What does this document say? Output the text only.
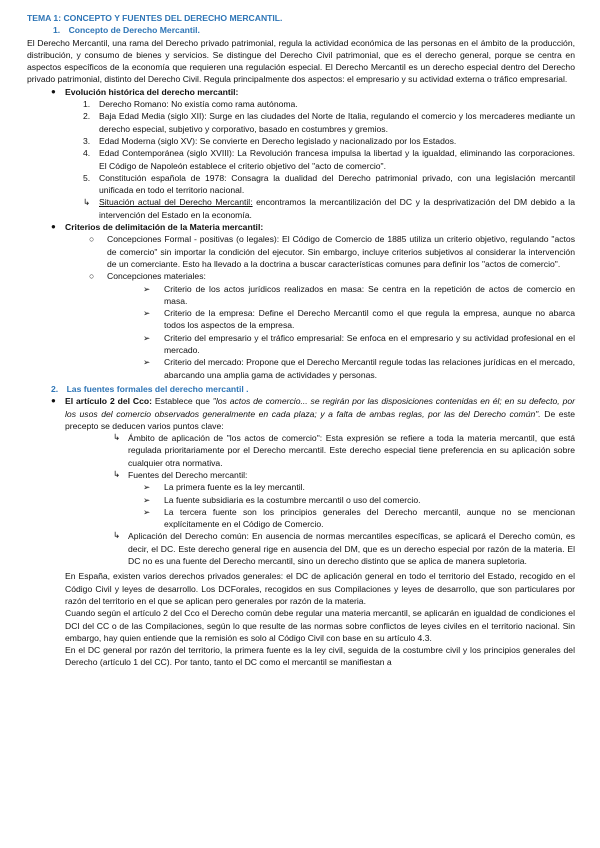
TEMA 1: CONCEPTO Y FUENTES DEL DERECHO MERCANTIL.
1. Concepto de Derecho Mercantil.

El Derecho Mercantil, una rama del Derecho privado patrimonial, regula la actividad económica de las personas en el ámbito de la producción, distribución, y consumo de bienes y servicios. Se distingue del Derecho Civil patrimonial, que es el derecho general, porque se centra en aspectos específicos de la economía que requieren una regulación especial. El Derecho Mercantil es un derecho especial dentro del Derecho privado patrimonial, distinto del Derecho Civil. Regula principalmente dos aspectos: el empresario y su actividad externa o tráfico empresarial.

● Evolución histórica del derecho mercantil:
1. Derecho Romano: No existía como rama autónoma.
2. Baja Edad Media (siglo XII): Surge en las ciudades del Norte de Italia, regulando el comercio y los mercaderes mediante un derecho especial, subjetivo y corporativo, basado en costumbres y gremios.
3. Edad Moderna (siglo XV): Se convierte en Derecho legislado y nacionalizado por los Estados.
4. Edad Contemporánea (siglo XVIII): La Revolución francesa impulsa la libertad y la igualdad, eliminando las corporaciones. El Código de Napoleón establece el criterio objetivo del "acto de comercio".
5. Constitución española de 1978: Consagra la dualidad del Derecho patrimonial privado, con una legislación mercantil unificada en todo el territorio nacional.
↳ Situación actual del Derecho Mercantil: encontramos la mercantilización del DC y la desprivatización del DM debido a la intervención del Estado en la economía.
● Criterios de delimitación de la Materia mercantil:
○ Concepciones Formal - positivas (o legales): El Código de Comercio de 1885 utiliza un criterio objetivo, regulando "actos de comercio" sin importar la condición del ejecutor. Sin embargo, incluye criterios subjetivos al considerar la intervención de un comerciante. Esto ha llevado a la doctrina a buscar características comunes para definir los "actos de comercio".
○ Concepciones materiales:
➢ Criterio de los actos jurídicos realizados en masa: Se centra en la repetición de actos de comercio en masa.
➢ Criterio de la empresa: Define el Derecho Mercantil como el que regula la empresa, aunque no abarca todos los aspectos de la empresa.
➢ Criterio del empresario y el tráfico empresarial: Se enfoca en el empresario y su actividad profesional en el mercado.
➢ Criterio del mercado: Propone que el Derecho Mercantil regule todas las relaciones jurídicas en el mercado, abarcando una amplia gama de actividades y personas.
2. Las fuentes formales del derecho mercantil .
● El artículo 2 del Cco: Establece que "los actos de comercio... se regirán por las disposiciones contenidas en él; en su defecto, por los usos del comercio observados generalmente en cada plaza; y a falta de ambas reglas, por las del Derecho común". De este precepto se deducen varios puntos clave:
↳ Ámbito de aplicación de "los actos de comercio": Esta expresión se refiere a toda la materia mercantil, que está regulada prioritariamente por el Derecho mercantil. Este derecho especial tiene preferencia en su aplicación sobre cualquier otra normativa.
↳ Fuentes del Derecho mercantil:
➢ La primera fuente es la ley mercantil.
➢ La fuente subsidiaria es la costumbre mercantil o uso del comercio.
➢ La tercera fuente son los principios generales del Derecho mercantil, aunque no se mencionan explícitamente en el Código de Comercio.
↳ Aplicación del Derecho común: En ausencia de normas mercantiles específicas, se aplicará el Derecho común, es decir, el DC. Este derecho general rige en ausencia del DM, que es un derecho especial por razón de la materia. El DC no es una fuente del Derecho mercantil, sino un derecho distinto que se aplica de manera supletoria.

En España, existen varios derechos privados generales: el DC de aplicación general en todo el territorio del Estado, recogido en el Código Civil y leyes de desarrollo. Los DCForales, recogidos en sus Compilaciones y leyes de desarrollo, que son particulares por razón del territorio en el que se aplican pero generales por razón de la materia.

Cuando según el artículo 2 del Cco el Derecho común debe regular una materia mercantil, se aplicarán en igualdad de condiciones el DCI del CC o de las Compilaciones, según lo que resulte de las normas sobre conflictos de leyes civiles en el territorio nacional. Sin embargo, hay quien entiende que la remisión es solo al Código Civil con base en su artículo 4.3.

En el DC general por razón del territorio, la primera fuente es la ley civil, seguida de la costumbre civil y los principios generales del Derecho (artículo 1 del CC). Por tanto, tanto el DC como el mercantil se manifiestan a
